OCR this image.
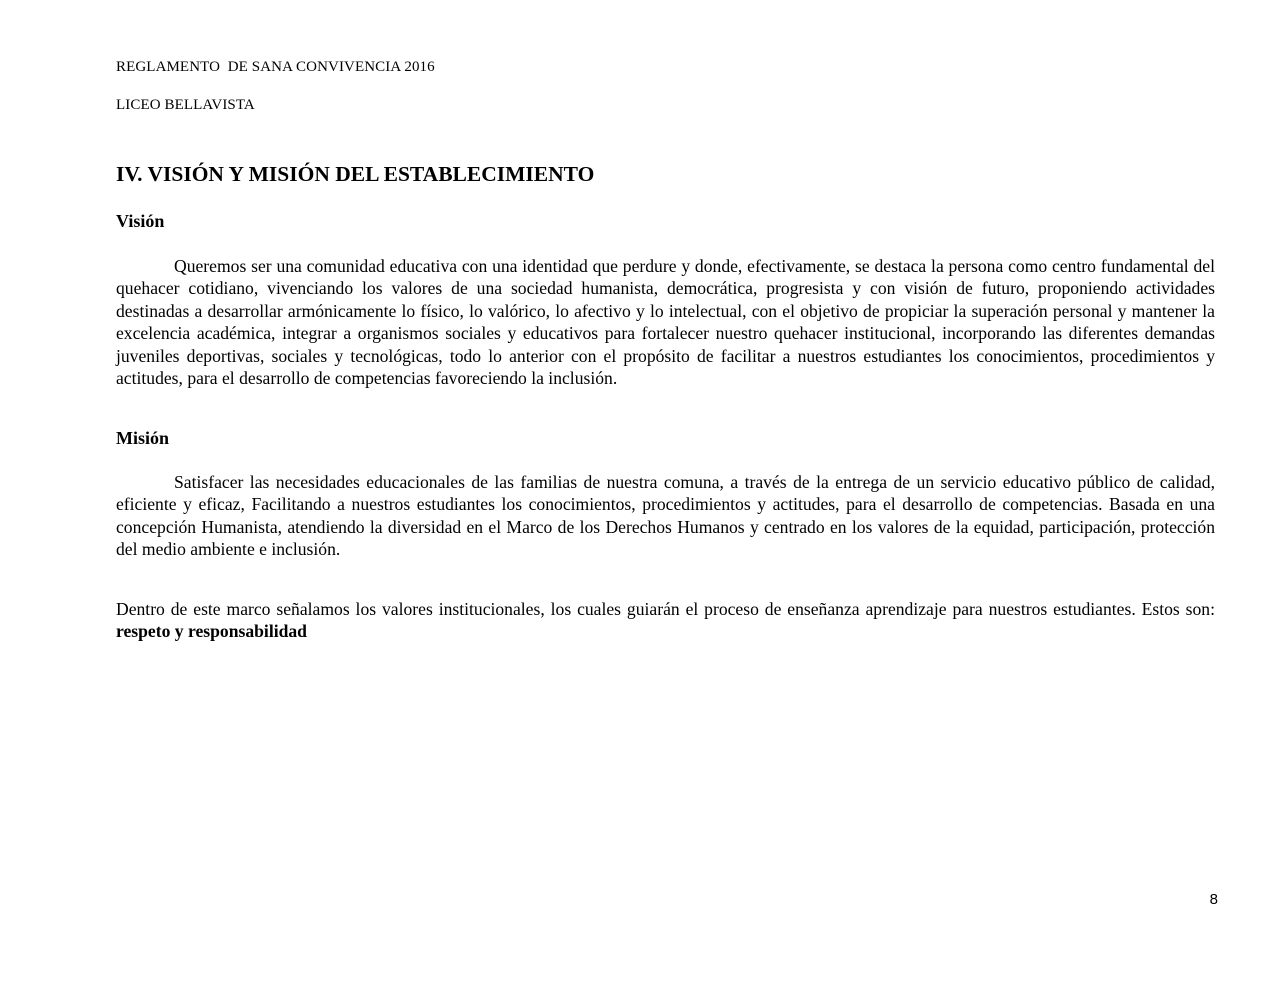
REGLAMENTO  DE SANA CONVIVENCIA 2016
LICEO BELLAVISTA
IV. VISIÓN Y MISIÓN DEL ESTABLECIMIENTO
Visión

Queremos ser una comunidad educativa con una identidad que perdure y donde, efectivamente, se destaca la persona como centro fundamental del quehacer cotidiano, vivenciando los valores de una sociedad humanista, democrática, progresista y con visión de futuro, proponiendo actividades destinadas a desarrollar armónicamente lo físico, lo valórico, lo afectivo y lo intelectual, con el objetivo de propiciar la superación personal y mantener la excelencia académica, integrar a organismos sociales y educativos para fortalecer nuestro quehacer institucional, incorporando las diferentes demandas juveniles deportivas, sociales y tecnológicas, todo lo anterior con el propósito de facilitar a nuestros estudiantes los conocimientos, procedimientos y actitudes, para el desarrollo de competencias favoreciendo la inclusión.

Misión

Satisfacer las necesidades educacionales de las familias de nuestra comuna, a través de la entrega de un servicio educativo público de calidad, eficiente y eficaz, Facilitando a nuestros estudiantes los conocimientos, procedimientos y actitudes, para el desarrollo de competencias. Basada en una concepción Humanista, atendiendo la diversidad en el Marco de los Derechos Humanos y centrado en los valores de la equidad, participación, protección del medio ambiente e inclusión.

Dentro de este marco señalamos los valores institucionales, los cuales guiarán el proceso de enseñanza aprendizaje para nuestros estudiantes. Estos son: respeto y responsabilidad

8
